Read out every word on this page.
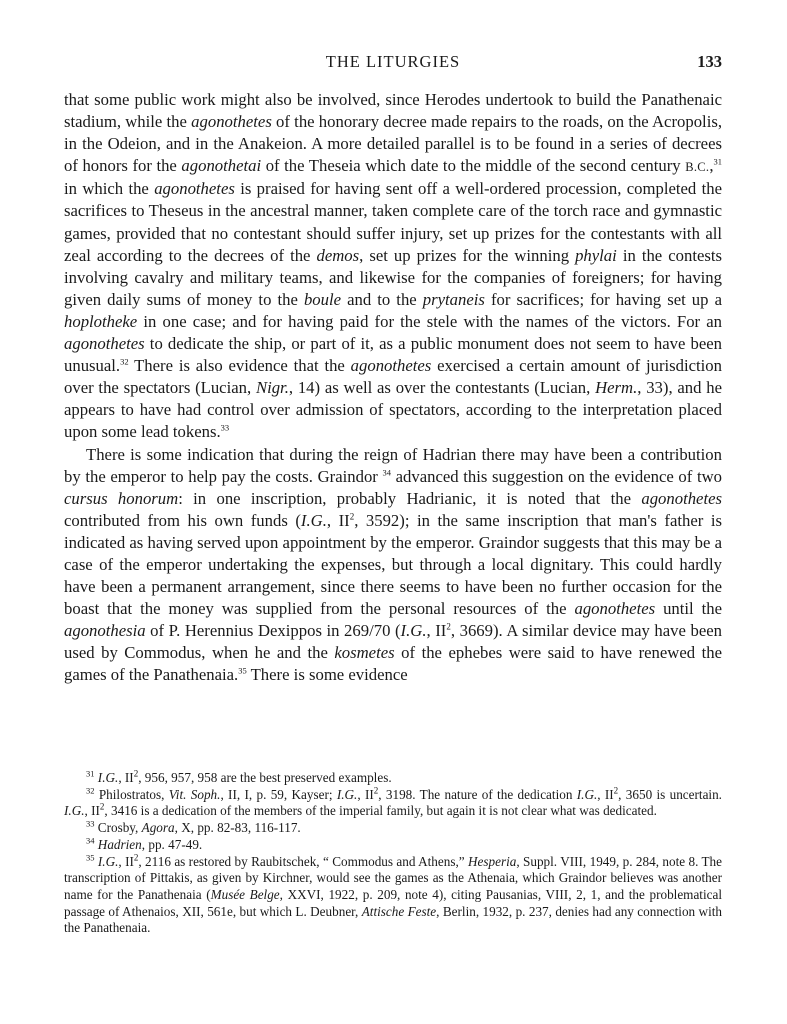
THE LITURGIES	133

that some public work might also be involved, since Herodes undertook to build the Panathenaic stadium, while the agonothetes of the honorary decree made repairs to the roads, on the Acropolis, in the Odeion, and in the Anakeion. A more detailed parallel is to be found in a series of decrees of honors for the agonothetai of the Theseia which date to the middle of the second century B.C.,$^{31}$ in which the agonothetes is praised for having sent off a well-ordered procession, completed the sacrifices to Theseus in the ancestral manner, taken complete care of the torch race and gymnastic games, provided that no contestant should suffer injury, set up prizes for the contestants with all zeal according to the decrees of the demos, set up prizes for the winning phylai in the contests involving cavalry and military teams, and likewise for the companies of foreigners; for having given daily sums of money to the boule and to the prytaneis for sacrifices; for having set up a hoplotheke in one case; and for having paid for the stele with the names of the victors. For an agonothetes to dedicate the ship, or part of it, as a public monument does not seem to have been unusual.$^{32}$ There is also evidence that the agonothetes exercised a certain amount of jurisdiction over the spectators (Lucian, Nigr., 14) as well as over the contestants (Lucian, Herm., 33), and he appears to have had control over admission of spectators, according to the interpretation placed upon some lead tokens.$^{33}$

There is some indication that during the reign of Hadrian there may have been a contribution by the emperor to help pay the costs. Graindor $^{34}$ advanced this suggestion on the evidence of two cursus honorum: in one inscription, probably Hadrianic, it is noted that the agonothetes contributed from his own funds (I.G., $II^2$, 3592); in the same inscription that man's father is indicated as having served upon appointment by the emperor. Graindor suggests that this may be a case of the emperor undertaking the expenses, but through a local dignitary. This could hardly have been a permanent arrangement, since there seems to have been no further occasion for the boast that the money was supplied from the personal resources of the agonothetes until the agonothesia of P. Herennius Dexippos in 269/70 (I.G., $II^2$, 3669). A similar device may have been used by Commodus, when he and the kosmetes of the ephebes were said to have renewed the games of the Panathenaia.$^{35}$ There is some evidence

$^{31}$ I.G., $II^2$, 956, 957, 958 are the best preserved examples.

$^{32}$ Philostratos, Vit. Soph., II, I, p. 59, Kayser; I.G., $II^2$, 3198. The nature of the dedication I.G., $II^2$, 3650 is uncertain. I.G., $II^2$, 3416 is a dedication of the members of the imperial family, but again it is not clear what was dedicated.

$^{33}$ Crosby, Agora, X, pp. 82-83, 116-117.

$^{34}$ Hadrien, pp. 47-49.

$^{35}$ I.G., $II^2$, 2116 as restored by Raubitschek, “ Commodus and Athens,” Hesperia, Suppl. VIII, 1949, p. 284, note 8. The transcription of Pittakis, as given by Kirchner, would see the games as the Athenaia, which Graindor believes was another name for the Panathenaia (Musée Belge, XXVI, 1922, p. 209, note 4), citing Pausanias, VIII, 2, 1, and the problematical passage of Athenaios, XII, 561e, but which L. Deubner, Attische Feste, Berlin, 1932, p. 237, denies had any connection with the Panathenaia.
